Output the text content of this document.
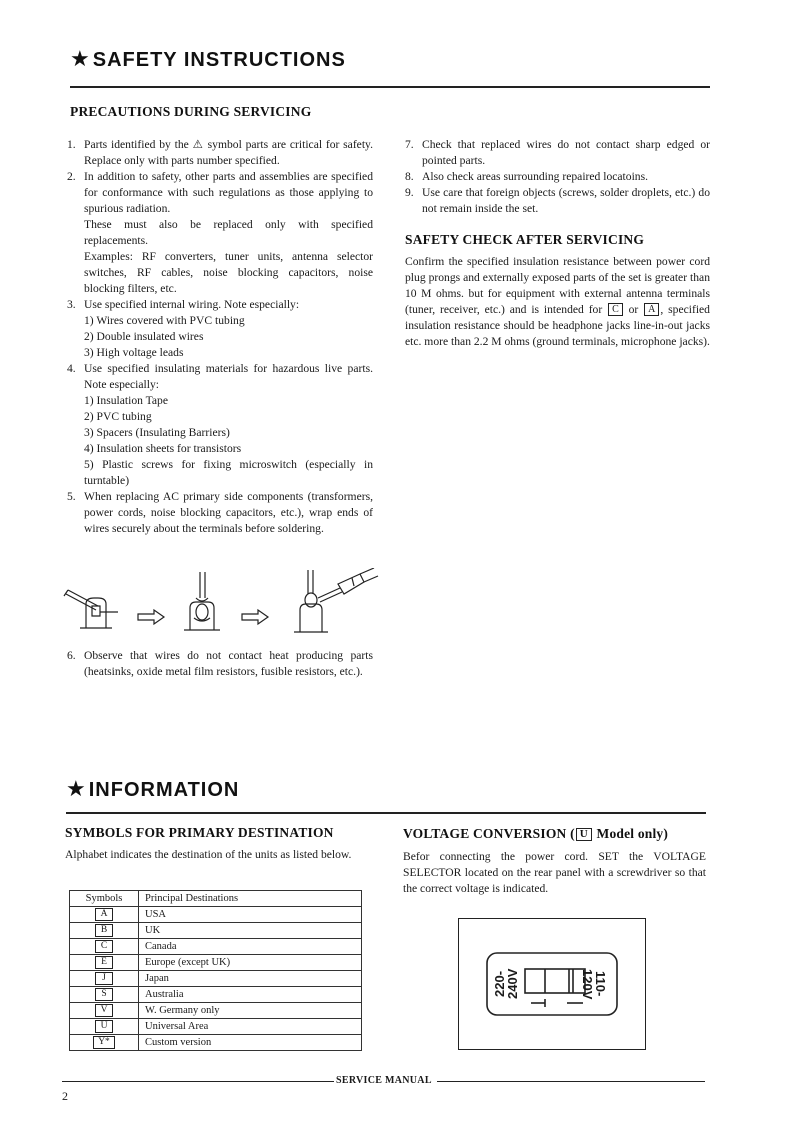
★ SAFETY INSTRUCTIONS
PRECAUTIONS DURING SERVICING
1. Parts identified by the ⚠ symbol parts are critical for safety. Replace only with parts number specified.
2. In addition to safety, other parts and assemblies are specified for conformance with such regulations as those applying to spurious radiation.
These must also be replaced only with specified replacements.
Examples: RF converters, tuner units, antenna selector switches, RF cables, noise blocking capacitors, noise blocking filters, etc.
3. Use specified internal wiring. Note especially:
1) Wires covered with PVC tubing
2) Double insulated wires
3) High voltage leads
4. Use specified insulating materials for hazardous live parts. Note especially:
1) Insulation Tape
2) PVC tubing
3) Spacers (Insulating Barriers)
4) Insulation sheets for transistors
5) Plastic screws for fixing microswitch (especially in turntable)
5. When replacing AC primary side components (transformers, power cords, noise blocking capacitors, etc.), wrap ends of wires securely about the terminals before soldering.
6. Observe that wires do not contact heat producing parts (heatsinks, oxide metal film resistors, fusible resistors, etc.).
7. Check that replaced wires do not contact sharp edged or pointed parts.
8. Also check areas surrounding repaired locatoins.
9. Use care that foreign objects (screws, solder droplets, etc.) do not remain inside the set.
SAFETY CHECK AFTER SERVICING
Confirm the specified insulation resistance between power cord plug prongs and externally exposed parts of the set is greater than 10 M ohms. but for equipment with external antenna terminals (tuner, receiver, etc.) and is intended for C or A , specified insulation resistance should be headphone jacks line-in-out jacks etc. more than 2.2 M ohms (ground terminals, microphone jacks).
★ INFORMATION
SYMBOLS FOR PRIMARY DESTINATION
Alphabet indicates the destination of the units as listed below.
Symbols	Principal Destinations
A	USA
B	UK
C	Canada
E	Europe (except UK)
J	Japan
S	Australia
V	W. Germany only
U	Universal Area
Y*	Custom version
VOLTAGE CONVERSION ( U Model only)
Befor connecting the power cord. SET the VOLTAGE SELECTOR located on the rear panel with a screwdriver so that the correct voltage is indicated.
220-240V	110-120V
SERVICE MANUAL
2
